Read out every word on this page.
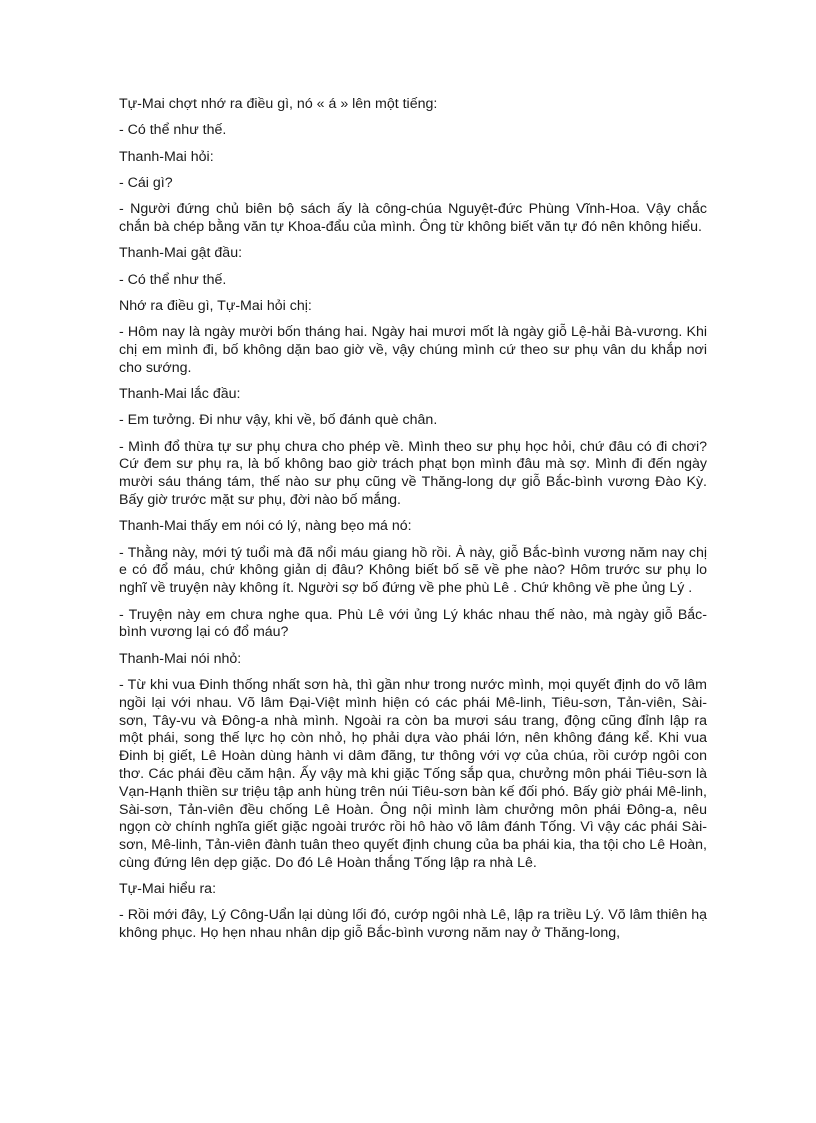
Tự-Mai chợt nhớ ra điều gì, nó « á » lên một tiếng:

- Có thể như thế.

Thanh-Mai hỏi:

- Cái gì?

- Người đứng chủ biên bộ sách ấy là công-chúa Nguyệt-đức Phùng Vĩnh-Hoa. Vậy chắc chắn bà chép bằng văn tự Khoa-đẩu của mình. Ông từ không biết văn tự đó nên không hiểu.

Thanh-Mai gật đầu:

- Có thể như thế.

Nhớ ra điều gì, Tự-Mai hỏi chị:

- Hôm nay là ngày mười bốn tháng hai. Ngày hai mươi mốt là ngày giỗ Lệ-hải Bà-vương. Khi chị em mình đi, bố không dặn bao giờ về, vậy chúng mình cứ theo sư phụ vân du khắp nơi cho sướng.

Thanh-Mai lắc đầu:

- Em tưởng. Đi như vậy, khi về, bố đánh què chân.

- Mình đổ thừa tự sư phụ chưa cho phép về. Mình theo sư phụ học hỏi, chứ đâu có đi chơi? Cứ đem sư phụ ra, là bố không bao giờ trách phạt bọn mình đâu mà sợ. Mình đi đến ngày mười sáu tháng tám, thế nào sư phụ cũng về Thăng-long dự giỗ Bắc-bình vương Đào Kỳ. Bấy giờ trước mặt sư phụ, đời nào bố mắng.

Thanh-Mai thấy em nói có lý, nàng bẹo má nó:

- Thằng này, mới tý tuổi mà đã nổi máu giang hồ rồi. À này, giỗ Bắc-bình vương năm nay chị e có đổ máu, chứ không giản dị đâu? Không biết bố sẽ về phe nào? Hôm trước sư phụ lo nghĩ về truyện này không ít. Người sợ bố đứng về phe phù Lê . Chứ không về phe ủng Lý .

- Truyện này em chưa nghe qua. Phù Lê với ủng Lý khác nhau thế nào, mà ngày giỗ Bắc-bình vương lại có đổ máu?

Thanh-Mai nói nhỏ:

- Từ khi vua Đinh thống nhất sơn hà, thì gần như trong nước mình, mọi quyết định do võ lâm ngồi lại với nhau. Võ lâm Đại-Việt mình hiện có các phái Mê-linh, Tiêu-sơn, Tản-viên, Sài-sơn, Tây-vu và Đông-a nhà mình. Ngoài ra còn ba mươi sáu trang, động cũng đỉnh lập ra một phái, song thế lực họ còn nhỏ, họ phải dựa vào phái lớn, nên không đáng kể. Khi vua Đinh bị giết, Lê Hoàn dùng hành vi dâm đãng, tư thông với vợ của chúa, rồi cướp ngôi con thơ. Các phái đều căm hận. Ấy vậy mà khi giặc Tống sắp qua, chưởng môn phái Tiêu-sơn là Vạn-Hạnh thiền sư triệu tập anh hùng trên núi Tiêu-sơn bàn kế đối phó. Bấy giờ phái Mê-linh, Sài-sơn, Tản-viên đều chống Lê Hoàn. Ông nội mình làm chưởng môn phái Đông-a, nêu ngọn cờ chính nghĩa giết giặc ngoài trước rồi hô hào võ lâm đánh Tống. Vì vậy các phái Sài-sơn, Mê-linh, Tản-viên đành tuân theo quyết định chung của ba phái kia, tha tội cho Lê Hoàn, cùng đứng lên dẹp giặc. Do đó Lê Hoàn thắng Tống lập ra nhà Lê.

Tự-Mai hiểu ra:

- Rồi mới đây, Lý Công-Uẩn lại dùng lối đó, cướp ngôi nhà Lê, lập ra triều Lý. Võ lâm thiên hạ không phục. Họ hẹn nhau nhân dịp giỗ Bắc-bình vương năm nay ở Thăng-long,
